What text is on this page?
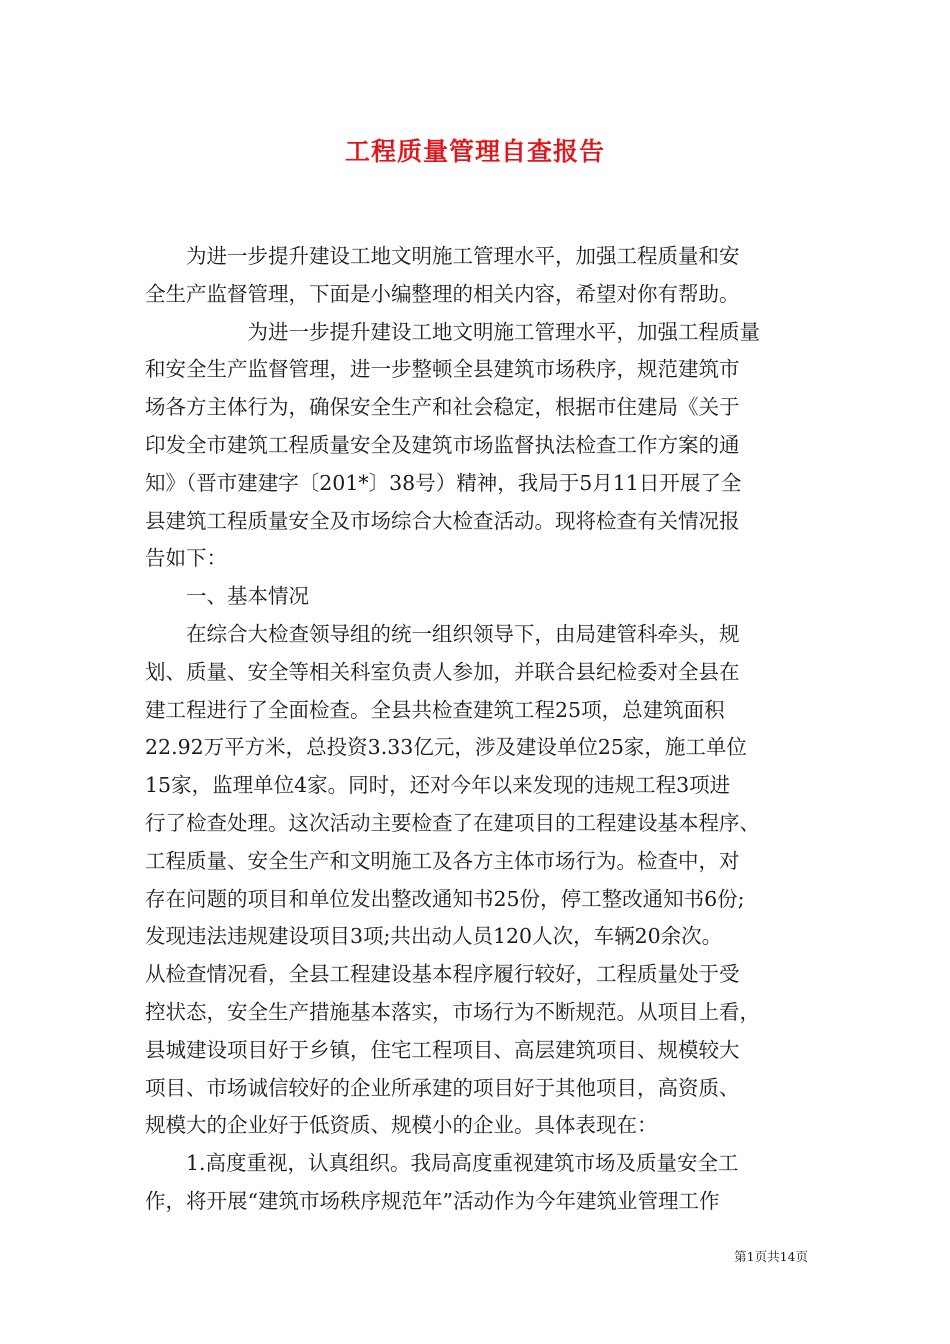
工程质量管理自查报告
　　为进一步提升建设工地文明施工管理水平，加强工程质量和安
全生产监督管理，下面是小编整理的相关内容，希望对你有帮助。
　　　　　为进一步提升建设工地文明施工管理水平，加强工程质量
和安全生产监督管理，进一步整顿全县建筑市场秩序，规范建筑市
场各方主体行为，确保安全生产和社会稳定，根据市住建局《关于
印发全市建筑工程质量安全及建筑市场监督执法检查工作方案的通
知》（晋市建建字〔201*〕38号）精神，我局于5月11日开展了全
县建筑工程质量安全及市场综合大检查活动。现将检查有关情况报
告如下：
　　一、基本情况
　　在综合大检查领导组的统一组织领导下，由局建管科牵头，规
划、质量、安全等相关科室负责人参加，并联合县纪检委对全县在
建工程进行了全面检查。全县共检查建筑工程25项，总建筑面积
22.92万平方米，总投资3.33亿元，涉及建设单位25家，施工单位
15家，监理单位4家。同时，还对今年以来发现的违规工程3项进
行了检查处理。这次活动主要检查了在建项目的工程建设基本程序、
工程质量、安全生产和文明施工及各方主体市场行为。检查中，对
存在问题的项目和单位发出整改通知书25份，停工整改通知书6份;
发现违法违规建设项目3项;共出动人员120人次，车辆20余次。
从检查情况看，全县工程建设基本程序履行较好，工程质量处于受
控状态，安全生产措施基本落实，市场行为不断规范。从项目上看，
县城建设项目好于乡镇，住宅工程项目、高层建筑项目、规模较大
项目、市场诚信较好的企业所承建的项目好于其他项目，高资质、
规模大的企业好于低资质、规模小的企业。具体表现在：
　　1.高度重视，认真组织。我局高度重视建筑市场及质量安全工
作，将开展“建筑市场秩序规范年”活动作为今年建筑业管理工作
第1页共14页
